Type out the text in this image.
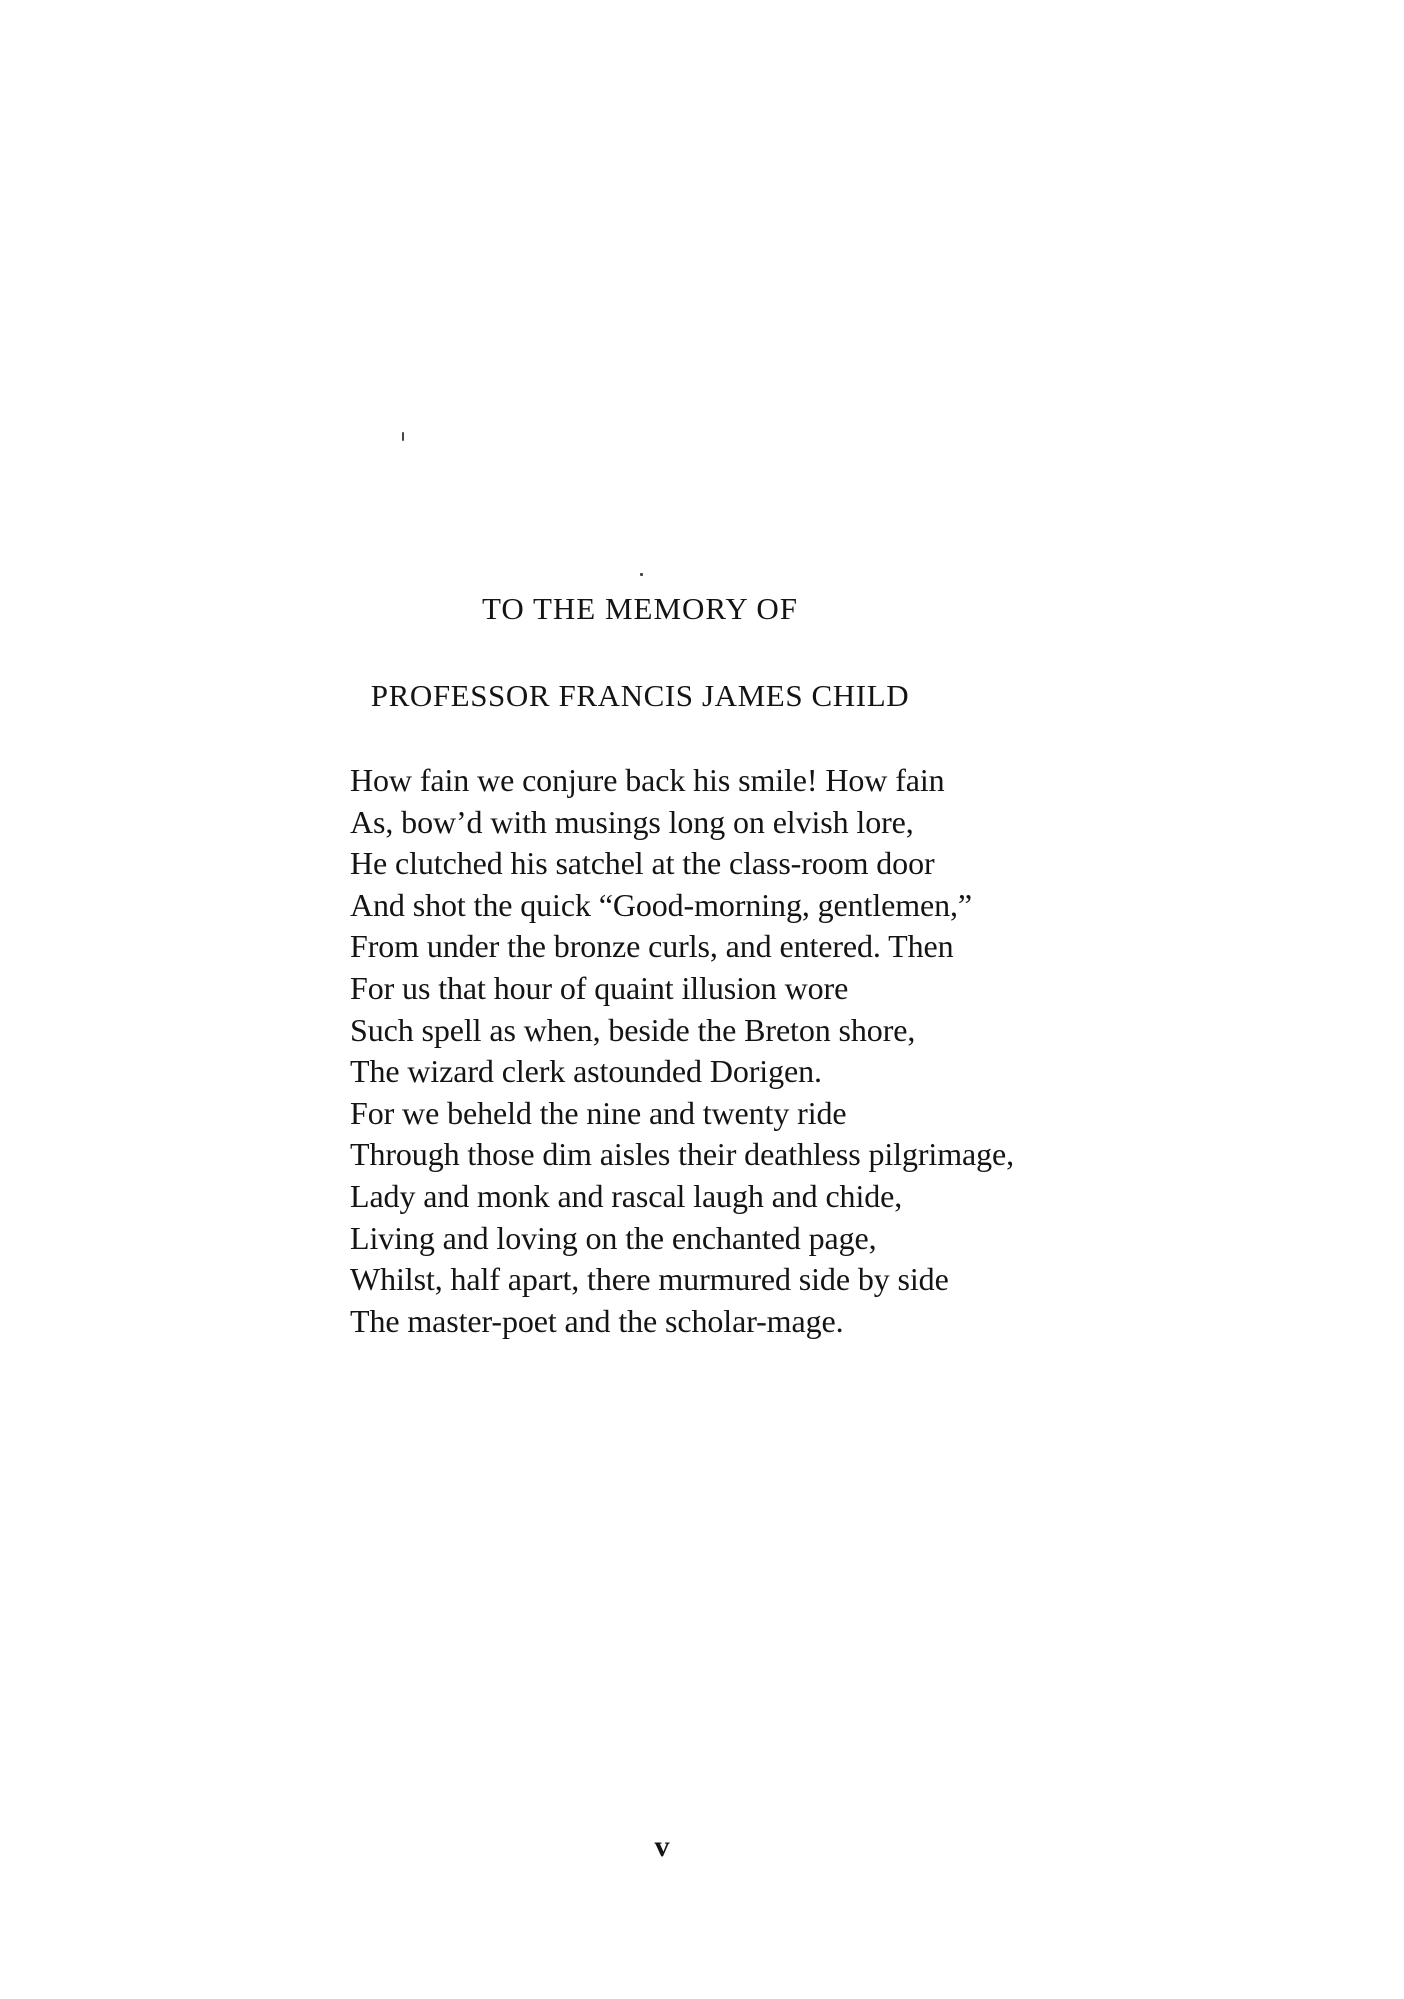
TO THE MEMORY OF
PROFESSOR FRANCIS JAMES CHILD
How fain we conjure back his smile! How fain
As, bow’d with musings long on elvish lore,
He clutched his satchel at the class-room door
And shot the quick “Good-morning, gentlemen,”
From under the bronze curls, and entered. Then
For us that hour of quaint illusion wore
Such spell as when, beside the Breton shore,
The wizard clerk astounded Dorigen.
For we beheld the nine and twenty ride
Through those dim aisles their deathless pilgrimage,
Lady and monk and rascal laugh and chide,
Living and loving on the enchanted page,
Whilst, half apart, there murmured side by side
The master-poet and the scholar-mage.
v
